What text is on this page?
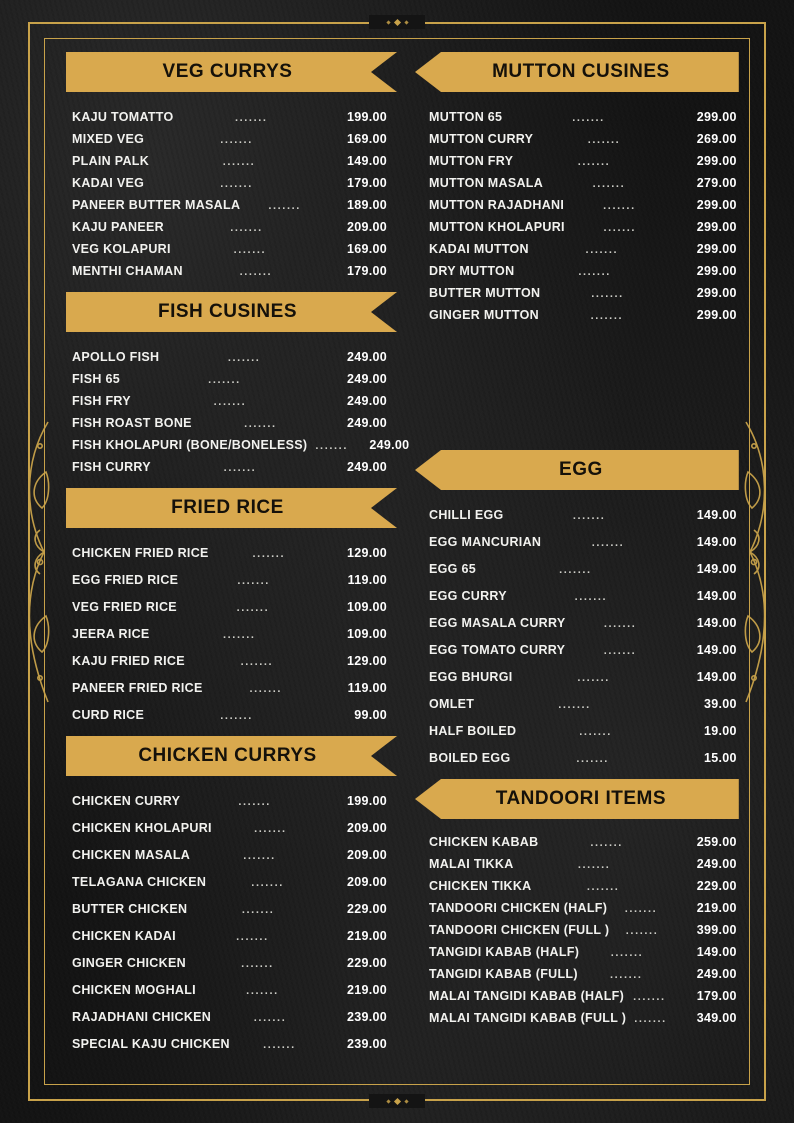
VEG CURRYS
KAJU TOMATTO	.......	199.00
MIXED VEG	.......	169.00
PLAIN PALK	.......	149.00
KADAI VEG	.......	179.00
PANEER BUTTER MASALA	.......	189.00
KAJU PANEER	.......	209.00
VEG KOLAPURI	.......	169.00
MENTHI CHAMAN	.......	179.00
FISH CUSINES
APOLLO FISH	.......	249.00
FISH 65	.......	249.00
FISH FRY	.......	249.00
FISH ROAST BONE	.......	249.00
FISH KHOLAPURI (BONE/BONELESS) .......	249.00
FISH CURRY	.......	249.00
FRIED RICE
CHICKEN FRIED RICE	.......	129.00
EGG FRIED RICE	.......	119.00
VEG FRIED RICE	.......	109.00
JEERA RICE	.......	109.00
KAJU FRIED RICE	.......	129.00
PANEER FRIED RICE	.......	119.00
CURD RICE	.......	99.00
CHICKEN CURRYS
CHICKEN CURRY	.......	199.00
CHICKEN KHOLAPURI	.......	209.00
CHICKEN MASALA	.......	209.00
TELAGANA CHICKEN	.......	209.00
BUTTER CHICKEN	.......	229.00
CHICKEN KADAI	.......	219.00
GINGER CHICKEN	.......	229.00
CHICKEN MOGHALI	.......	219.00
RAJADHANI CHICKEN	.......	239.00
SPECIAL KAJU CHICKEN	.......	239.00
MUTTON CUSINES
MUTTON 65	.......	299.00
MUTTON CURRY	.......	269.00
MUTTON FRY	.......	299.00
MUTTON MASALA	.......	279.00
MUTTON RAJADHANI	.......	299.00
MUTTON KHOLAPURI	.......	299.00
KADAI MUTTON	.......	299.00
DRY MUTTON	.......	299.00
BUTTER MUTTON	.......	299.00
GINGER MUTTON	.......	299.00
EGG
CHILLI EGG	.......	149.00
EGG MANCURIAN	.......	149.00
EGG 65	.......	149.00
EGG CURRY	.......	149.00
EGG MASALA CURRY	.......	149.00
EGG TOMATO CURRY	.......	149.00
EGG BHURGI	.......	149.00
OMLET	.......	39.00
HALF BOILED	.......	19.00
BOILED EGG	.......	15.00
TANDOORI ITEMS
CHICKEN KABAB	.......	259.00
MALAI TIKKA	.......	249.00
CHICKEN TIKKA	.......	229.00
TANDOORI CHICKEN (HALF)	.......	219.00
TANDOORI CHICKEN (FULL )	.......	399.00
TANGIDI KABAB (HALF)	.......	149.00
TANGIDI KABAB (FULL)	.......	249.00
MALAI TANGIDI KABAB (HALF) .......	179.00
MALAI TANGIDI KABAB (FULL ) .......	349.00
